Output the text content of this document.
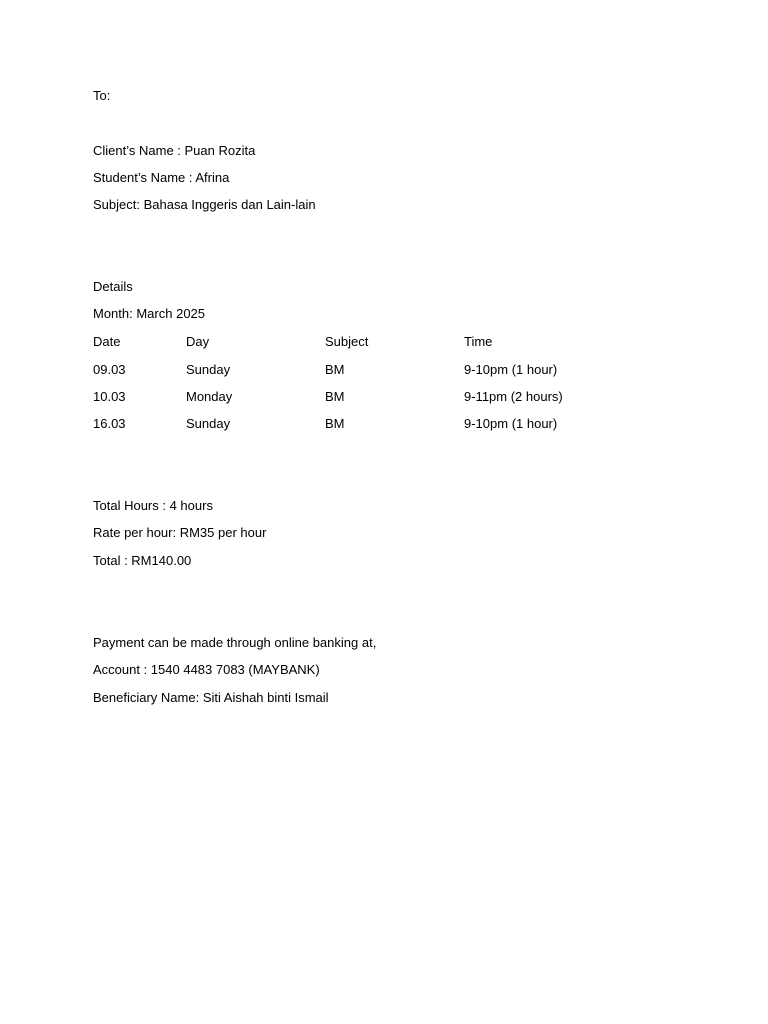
To:
Client’s Name : Puan Rozita
Student’s Name : Afrina
Subject: Bahasa Inggeris dan Lain-lain
Details
Month: March 2025
Date	Day	Subject	Time
09.03	Sunday	BM	9-10pm (1 hour)
10.03	Monday	BM	9-11pm (2 hours)
16.03	Sunday	BM	9-10pm (1 hour)
Total Hours : 4 hours
Rate per hour: RM35 per hour
Total : RM140.00
Payment can be made through online banking at,
Account : 1540 4483 7083 (MAYBANK)
Beneficiary Name: Siti Aishah binti Ismail
